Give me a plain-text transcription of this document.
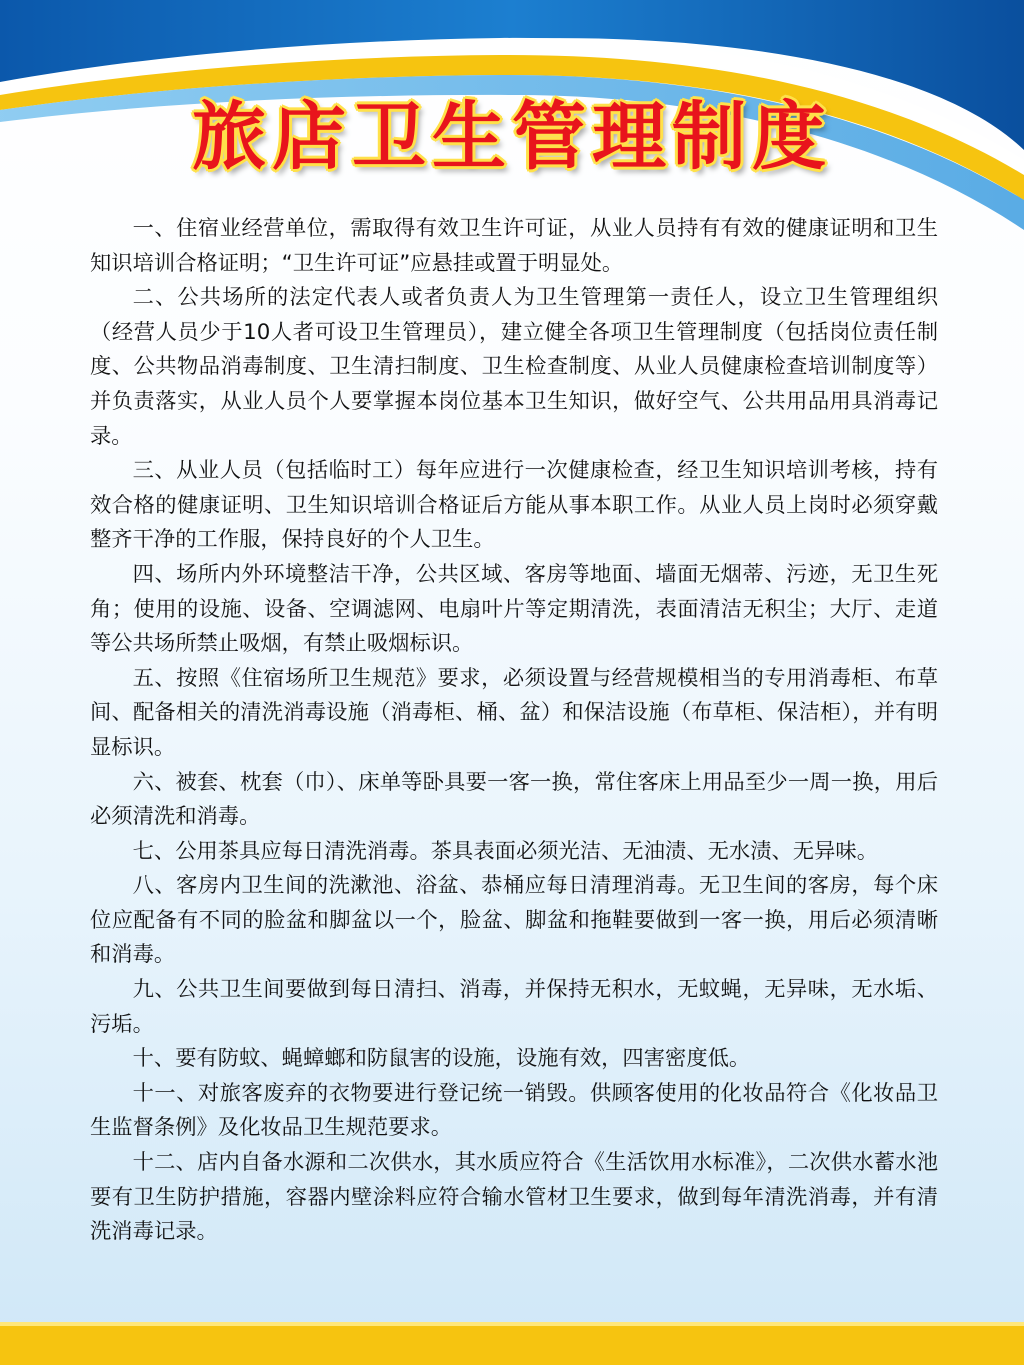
旅店卫生管理制度

一、住宿业经营单位，需取得有效卫生许可证，从业人员持有有效的健康证明和卫生知识培训合格证明；“卫生许可证”应悬挂或置于明显处。

二、公共场所的法定代表人或者负责人为卫生管理第一责任人，设立卫生管理组织（经营人员少于10人者可设卫生管理员），建立健全各项卫生管理制度（包括岗位责任制度、公共物品消毒制度、卫生清扫制度、卫生检查制度、从业人员健康检查培训制度等）并负责落实，从业人员个人要掌握本岗位基本卫生知识，做好空气、公共用品用具消毒记录。

三、从业人员（包括临时工）每年应进行一次健康检查，经卫生知识培训考核，持有效合格的健康证明、卫生知识培训合格证后方能从事本职工作。从业人员上岗时必须穿戴整齐干净的工作服，保持良好的个人卫生。

四、场所内外环境整洁干净，公共区域、客房等地面、墙面无烟蒂、污迹，无卫生死角；使用的设施、设备、空调滤网、电扇叶片等定期清洗，表面清洁无积尘；大厅、走道等公共场所禁止吸烟，有禁止吸烟标识。

五、按照《住宿场所卫生规范》要求，必须设置与经营规模相当的专用消毒柜、布草间、配备相关的清洗消毒设施（消毒柜、桶、盆）和保洁设施（布草柜、保洁柜），并有明显标识。

六、被套、枕套（巾）、床单等卧具要一客一换，常住客床上用品至少一周一换，用后必须清洗和消毒。

七、公用茶具应每日清洗消毒。茶具表面必须光洁、无油渍、无水渍、无异味。

八、客房内卫生间的洗漱池、浴盆、恭桶应每日清理消毒。无卫生间的客房，每个床位应配备有不同的脸盆和脚盆以一个，脸盆、脚盆和拖鞋要做到一客一换，用后必须清晰和消毒。

九、公共卫生间要做到每日清扫、消毒，并保持无积水，无蚊蝇，无异味，无水垢、污垢。

十、要有防蚊、蝇蟑螂和防鼠害的设施，设施有效，四害密度低。

十一、对旅客废弃的衣物要进行登记统一销毁。供顾客使用的化妆品符合《化妆品卫生监督条例》及化妆品卫生规范要求。

十二、店内自备水源和二次供水，其水质应符合《生活饮用水标准》，二次供水蓄水池要有卫生防护措施，容器内壁涂料应符合输水管材卫生要求，做到每年清洗消毒，并有清洗消毒记录。
